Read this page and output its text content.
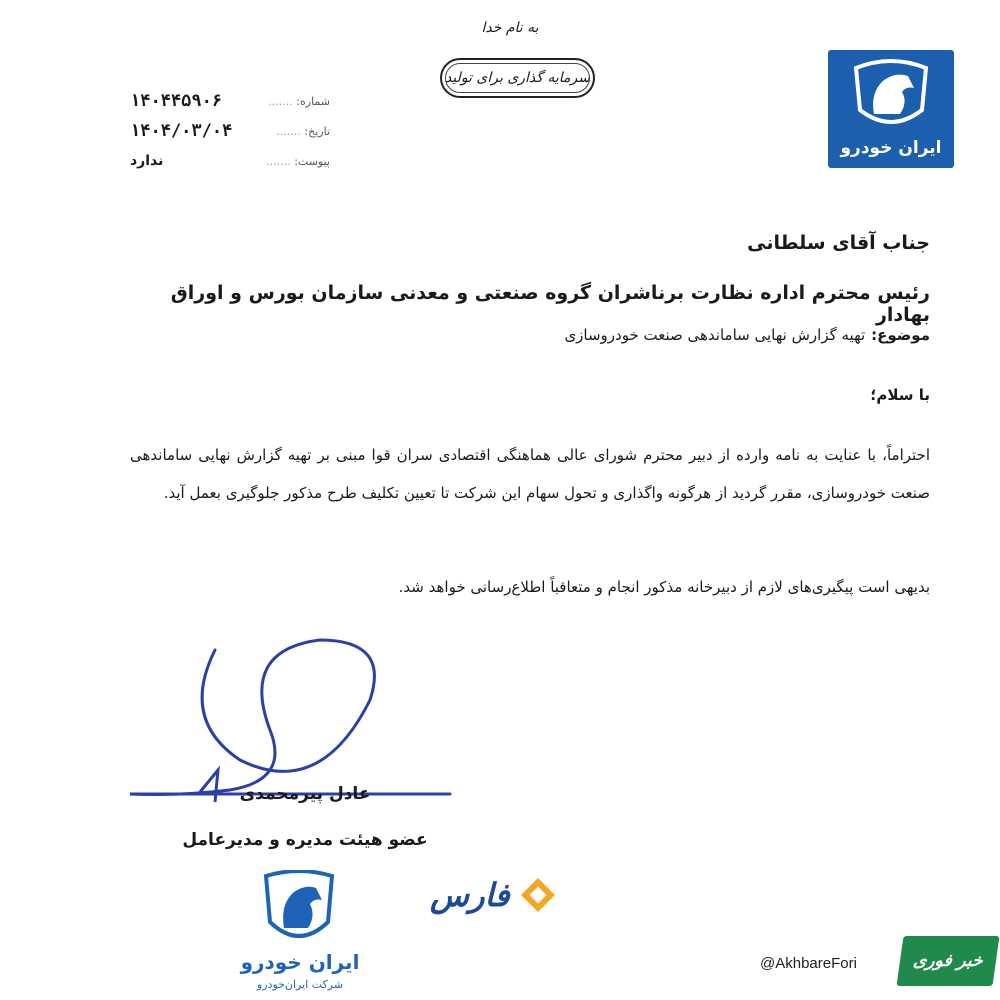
به نام خدا
سرمایه گذاری برای تولید
ایران خودرو
۱۴۰۴۴۵۹۰۶	شماره: .......
۱۴۰۴/۰۳/۰۴	تاریخ: .......
ندارد	پیوست: .......
جناب آقای سلطانی
رئیس محترم اداره نظارت برناشران گروه صنعتی و معدنی سازمان بورس و اوراق بهادار
موضوع:
تهیه گزارش نهایی ساماندهی صنعت خودروسازی
با سلام؛
احتراماً، با عنایت به نامه وارده از دبیر محترم شورای عالی هماهنگی اقتصادی سران قوا مبنی بر تهیه گزارش نهایی ساماندهی صنعت خودروسازی، مقرر گردید از هرگونه واگذاری و تحول سهام این شرکت تا تعیین تکلیف طرح مذکور جلوگیری بعمل آید.
بدیهی است پیگیری‌های لازم از دبیرخانه مذکور انجام و متعاقباً اطلاع‌رسانی خواهد شد.
عادل پیرمحمدی
عضو هیئت مدیره و مدیرعامل
ایران خودرو
شرکت ایران‌خودرو
فارس
@AkhbareFori	خبر فوری
